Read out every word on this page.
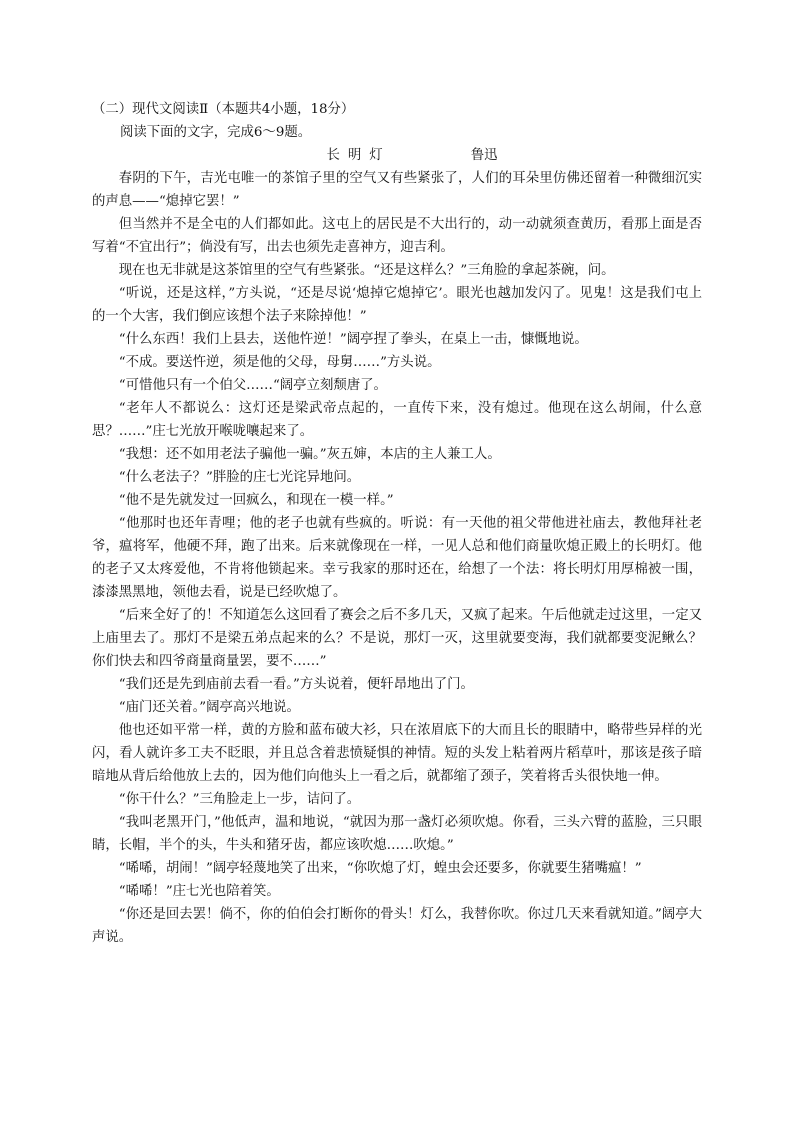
（二）现代文阅读Ⅱ（本题共4小题，18分）

阅读下面的文字，完成6～9题。

长明灯	鲁迅

春阴的下午，吉光屯唯一的茶馆子里的空气又有些紧张了，人们的耳朵里仿佛还留着一种微细沉实的声息——“熄掉它罢！”

但当然并不是全屯的人们都如此。这屯上的居民是不大出行的，动一动就须查黄历，看那上面是否写着“不宜出行”；倘没有写，出去也须先走喜神方，迎吉利。

现在也无非就是这茶馆里的空气有些紧张。“还是这样么？”三角脸的拿起茶碗，问。

“听说，还是这样，”方头说，“还是尽说‘熄掉它熄掉它’。眼光也越加发闪了。见鬼！这是我们屯上的一个大害，我们倒应该想个法子来除掉他！”

“什么东西！我们上县去，送他忤逆！”阔亭捏了拳头，在桌上一击，慷慨地说。

“不成。要送忤逆，须是他的父母，母舅……”方头说。

“可惜他只有一个伯父……“阔亭立刻颓唐了。

“老年人不都说么：这灯还是梁武帝点起的，一直传下来，没有熄过。他现在这么胡闹，什么意思？……”庄七光放开喉咙嚷起来了。

“我想：还不如用老法子骗他一骗。”灰五婶，本店的主人兼工人。

“什么老法子？”胖脸的庄七光诧异地问。

“他不是先就发过一回疯么，和现在一模一样。”

“他那时也还年青哩；他的老子也就有些疯的。听说：有一天他的祖父带他进社庙去，教他拜社老爷，瘟将军，他硬不拜，跑了出来。后来就像现在一样，一见人总和他们商量吹熄正殿上的长明灯。他的老子又太疼爱他，不肯将他锁起来。幸亏我家的那时还在，给想了一个法：将长明灯用厚棉被一围，漆漆黑黑地，领他去看，说是已经吹熄了。

“后来全好了的！不知道怎么这回看了赛会之后不多几天，又疯了起来。午后他就走过这里，一定又上庙里去了。那灯不是梁五弟点起来的么？不是说，那灯一灭，这里就要变海，我们就都要变泥鳅么？你们快去和四爷商量商量罢，要不……”

“我们还是先到庙前去看一看。”方头说着，便轩昂地出了门。

“庙门还关着。”阔亭高兴地说。

他也还如平常一样，黄的方脸和蓝布破大衫，只在浓眉底下的大而且长的眼睛中，略带些异样的光闪，看人就许多工夫不眨眼，并且总含着悲愤疑惧的神情。短的头发上粘着两片稻草叶，那该是孩子暗暗地从背后给他放上去的，因为他们向他头上一看之后，就都缩了颈子，笑着将舌头很快地一伸。

“你干什么？”三角脸走上一步，诘问了。

“我叫老黑开门，”他低声，温和地说，“就因为那一盏灯必须吹熄。你看，三头六臂的蓝脸，三只眼睛，长帽，半个的头，牛头和猪牙齿，都应该吹熄……吹熄。”

“唏唏，胡闹！”阔亭轻蔑地笑了出来，“你吹熄了灯，蝗虫会还要多，你就要生猪嘴瘟！”

“唏唏！”庄七光也陪着笑。

“你还是回去罢！倘不，你的伯伯会打断你的骨头！灯么，我替你吹。你过几天来看就知道。”阔亭大声说。
